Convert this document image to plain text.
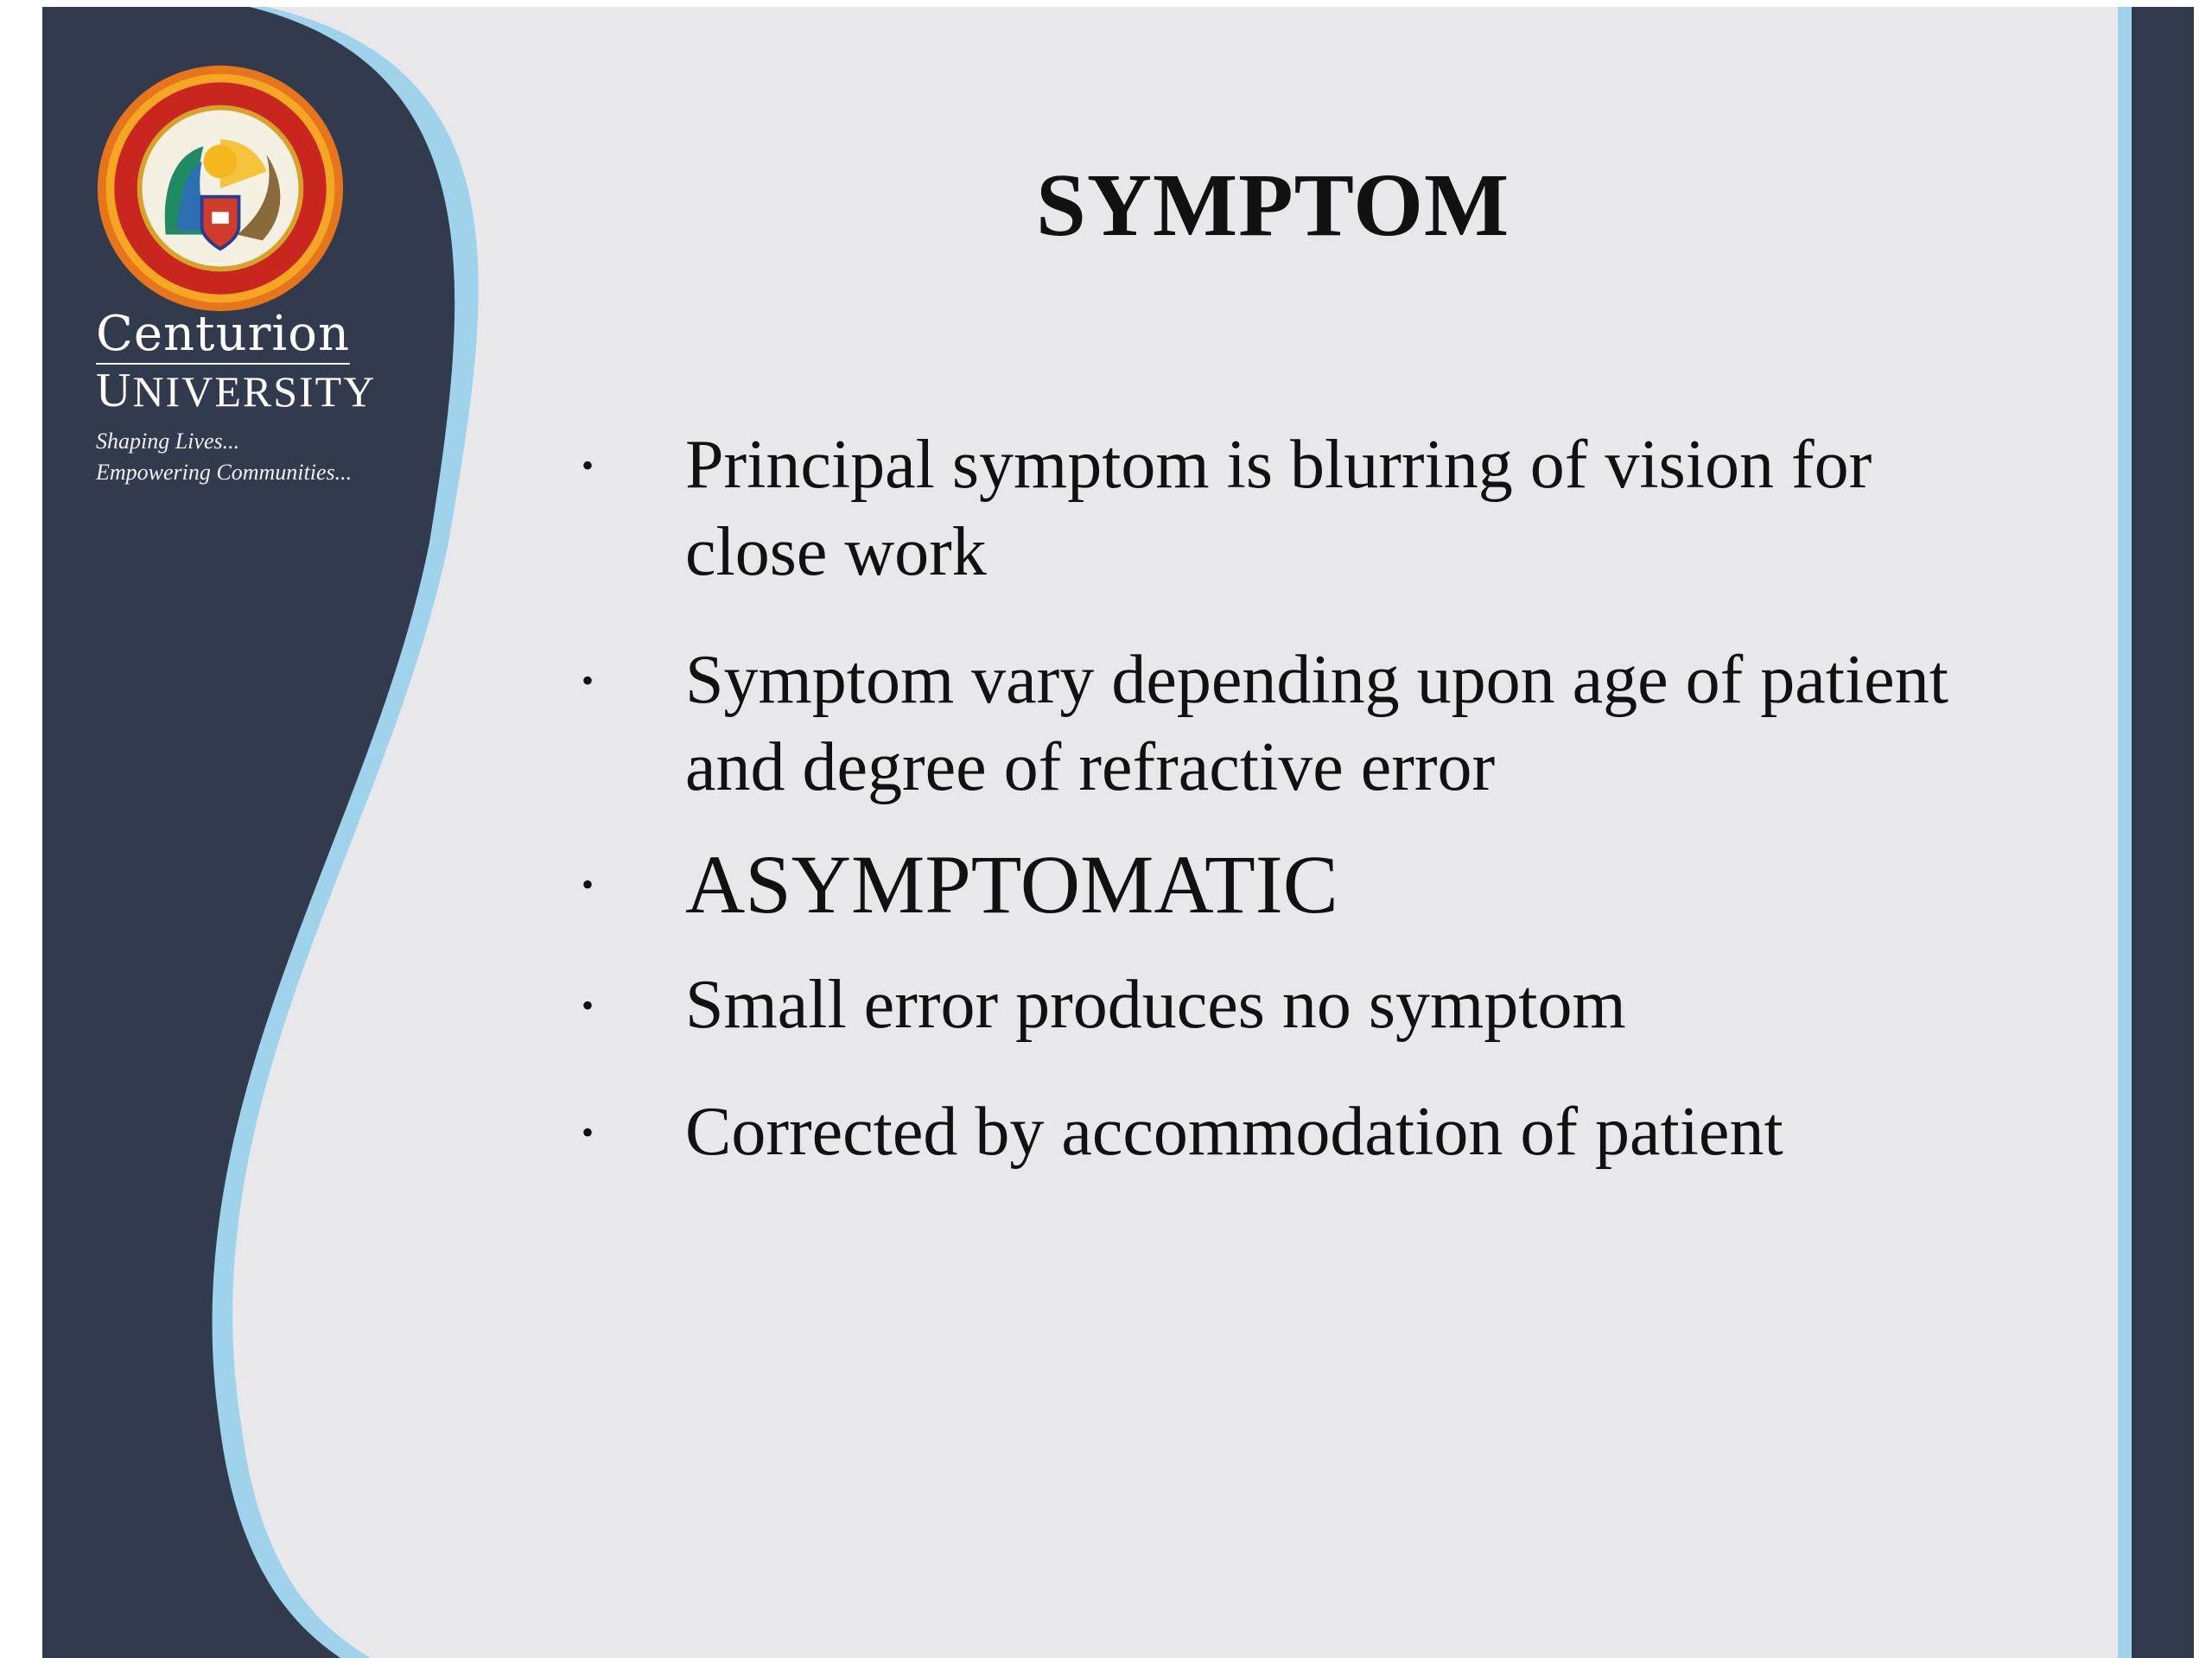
Centurion
UNIVERSITY
Shaping Lives...
Empowering Communities...
SYMPTOM
• Principal symptom is blurring of vision for
close work
• Symptom vary depending upon age of patient
and degree of refractive error
• ASYMPTOMATIC
• Small error produces no symptom
• Corrected by accommodation of patient
